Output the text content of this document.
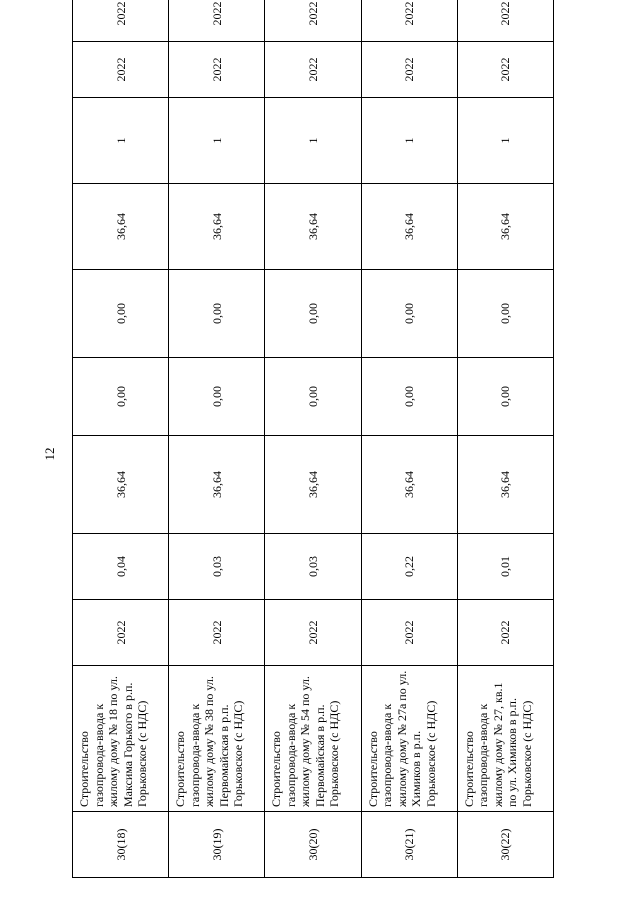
12
30(18)	Строительство газопровода-ввода к жилому дому № 18 по ул. Максима Горького в р.п. Горьковское (с НДС)	2022	0,04	36,64	0,00	0,00	36,64	1	2022	2022
30(19)	Строительство газопровода-ввода к жилому дому № 38 по ул. Первомайская в р.п. Горьковское (с НДС)	2022	0,03	36,64	0,00	0,00	36,64	1	2022	2022
30(20)	Строительство газопровода-ввода к жилому дому № 54 по ул. Первомайская в р.п. Горьковское (с НДС)	2022	0,03	36,64	0,00	0,00	36,64	1	2022	2022
30(21)	Строительство газопровода-ввода к жилому дому № 27а по ул. Химиков в р.п. Горьковское (с НДС)	2022	0,22	36,64	0,00	0,00	36,64	1	2022	2022
30(22)	Строительство газопровода-ввода к жилому дому № 27, кв.1 по ул. Химиков в р.п. Горьковское (с НДС)	2022	0,01	36,64	0,00	0,00	36,64	1	2022	2022
